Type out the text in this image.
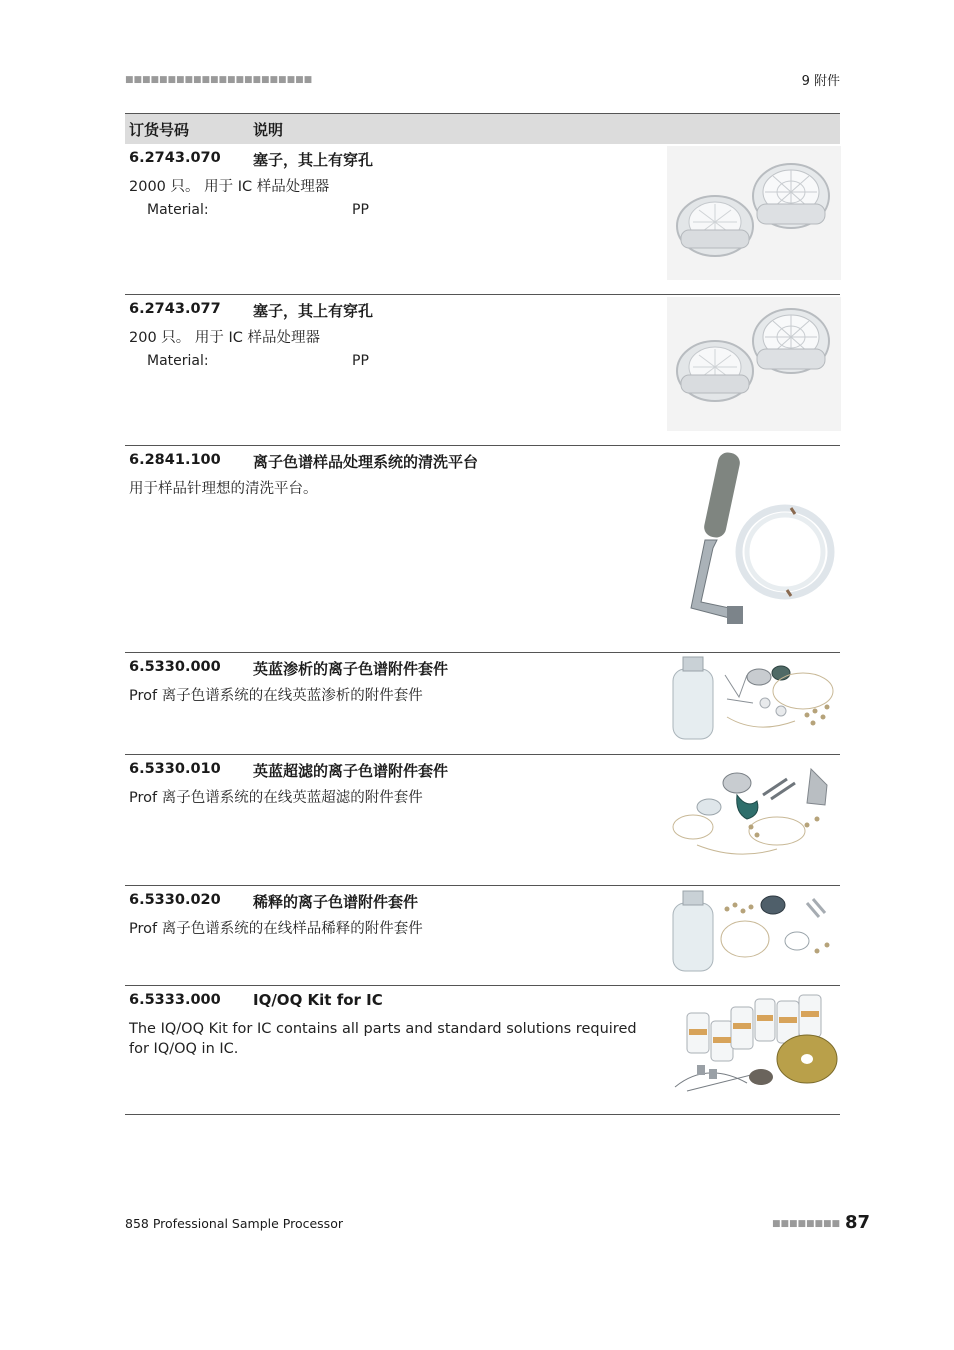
■■■■■■■■■■■■■■■■■■■■■■	9 附件
订货号码	说明
6.2743.070 塞子，其上有穿孔
2000 只。 用于 IC 样品处理器
Material:	PP
6.2743.077 塞子，其上有穿孔
200 只。 用于 IC 样品处理器
Material:	PP
6.2841.100 离子色谱样品处理系统的清洗平台
用于样品针理想的清洗平台。
6.5330.000 英蓝渗析的离子色谱附件套件
Prof 离子色谱系统的在线英蓝渗析的附件套件
6.5330.010 英蓝超滤的离子色谱附件套件
Prof 离子色谱系统的在线英蓝超滤的附件套件
6.5330.020 稀释的离子色谱附件套件
Prof 离子色谱系统的在线样品稀释的附件套件
6.5333.000 IQ/OQ Kit for IC
The IQ/OQ Kit for IC contains all parts and standard solutions required for IQ/OQ in IC.
858 Professional Sample Processor	■■■■■■■■ 87
